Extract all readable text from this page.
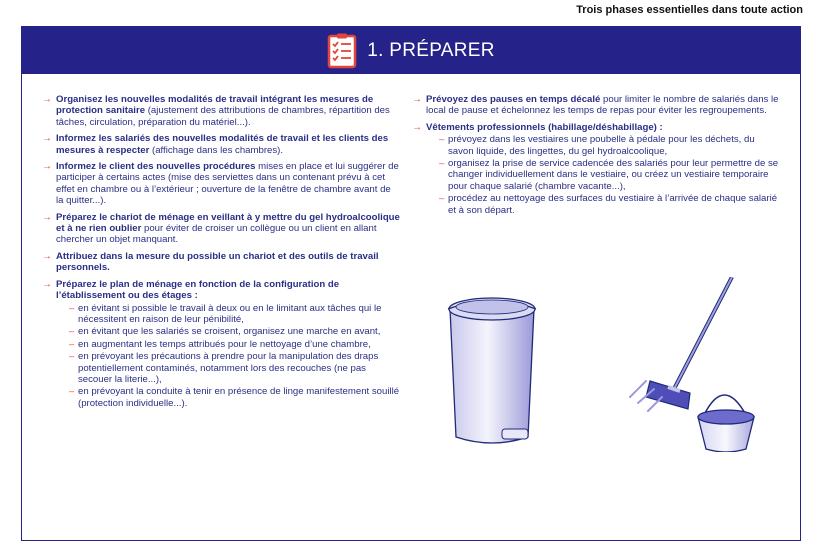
Trois phases essentielles dans toute action
1. PRÉPARER
→ Organisez les nouvelles modalités de travail intégrant les mesures de protection sanitaire (ajustement des attributions de chambres, répartition des tâches, circulation, préparation du matériel...).
→ Informez les salariés des nouvelles modalités de travail et les clients des mesures à respecter (affichage dans les chambres).
→ Informez le client des nouvelles procédures mises en place et lui suggérer de participer à certains actes (mise des serviettes dans un contenant prévu à cet effet en chambre ou à l’extérieur ; ouverture de la fenêtre de chambre avant de la quitter...).
→ Préparez le chariot de ménage en veillant à y mettre du gel hydroalcoolique et à ne rien oublier pour éviter de croiser un collègue ou un client en allant chercher un objet manquant.
→ Attribuez dans la mesure du possible un chariot et des outils de travail personnels.
→ Préparez le plan de ménage en fonction de la configuration de l’établissement ou des étages :
– en évitant si possible le travail à deux ou en le limitant aux tâches qui le nécessitent en raison de leur pénibilité,
– en évitant que les salariés se croisent, organisez une marche en avant,
– en augmentant les temps attribués pour le nettoyage d’une chambre,
– en prévoyant les précautions à prendre pour la manipulation des draps potentiellement contaminés, notamment lors des recouches (ne pas secouer la literie...),
– en prévoyant la conduite à tenir en présence de linge manifestement souillé (protection individuelle...).
→ Prévoyez des pauses en temps décalé pour limiter le nombre de salariés dans le local de pause et échelonnez les temps de repas pour éviter les regroupements.
→ Vêtements professionnels (habillage/déshabillage) :
– prévoyez dans les vestiaires une poubelle à pédale pour les déchets, du savon liquide, des lingettes, du gel hydroalcoolique,
– organisez la prise de service cadencée des salariés pour leur permettre de se changer individuellement dans le vestiaire, ou créez un vestiaire temporaire pour chaque salarié (chambre vacante...),
– procédez au nettoyage des surfaces du vestiaire à l’arrivée de chaque salarié et à son départ.
